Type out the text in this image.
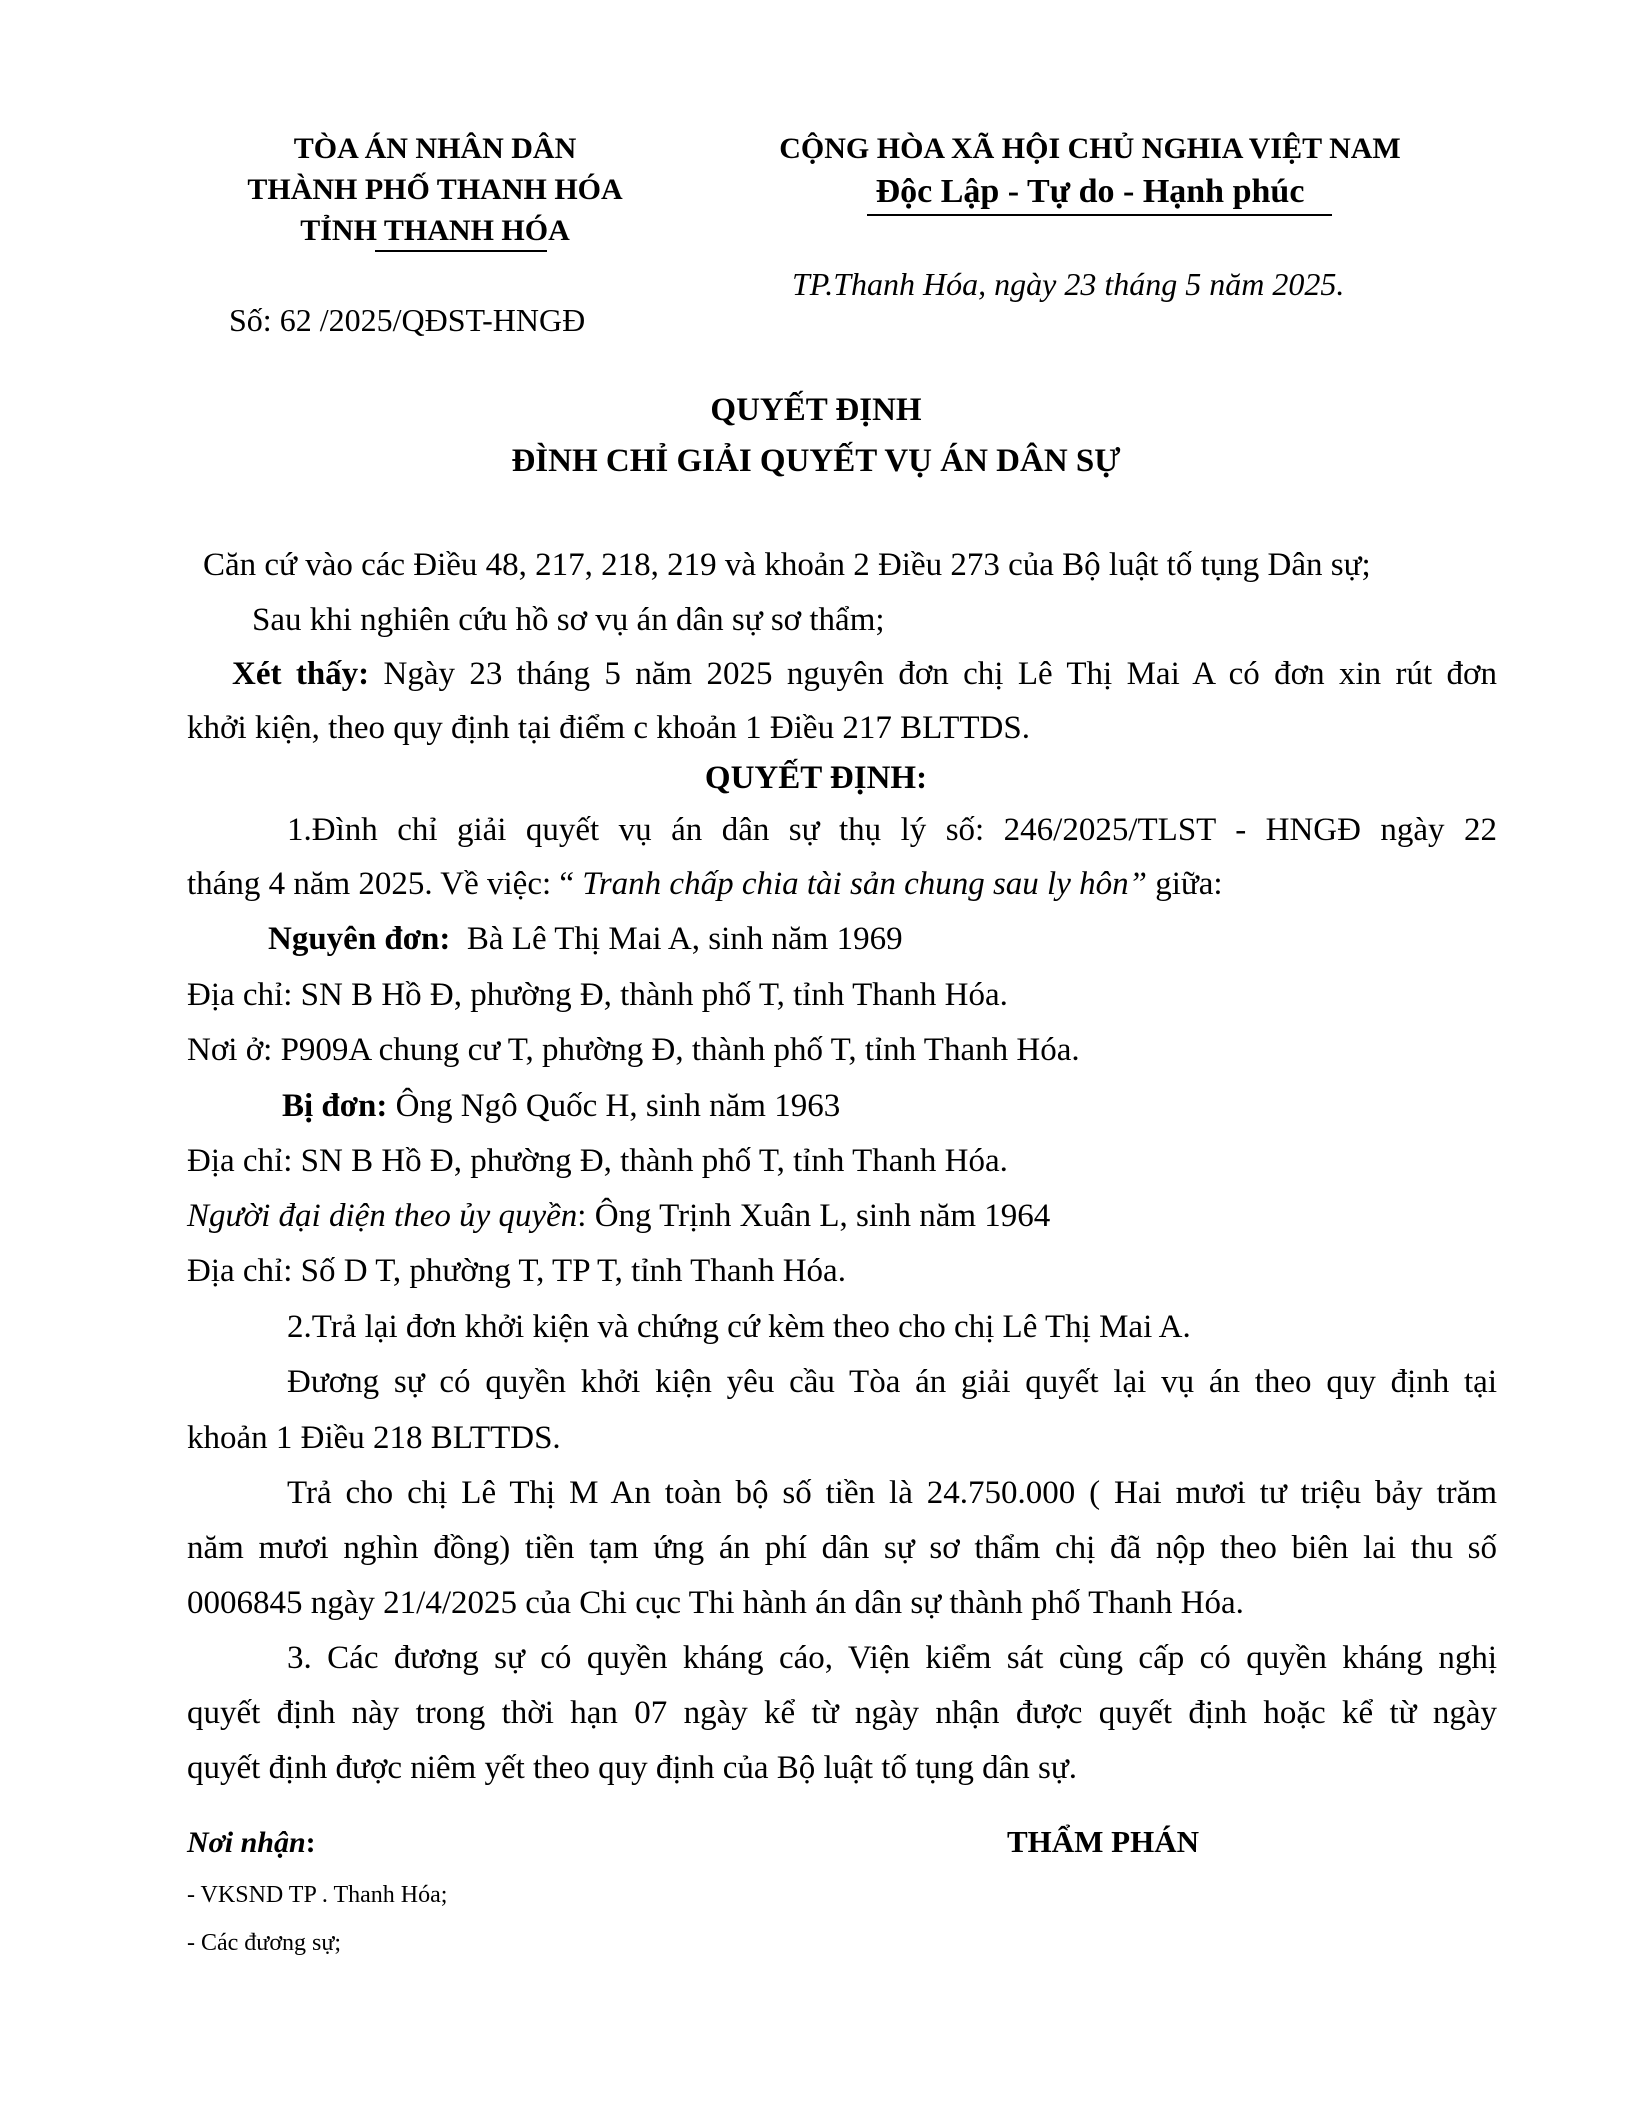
TÒA ÁN NHÂN DÂN
THÀNH PHỐ THANH HÓA
TỈNH THANH HÓA
CỘNG HÒA XÃ HỘI CHỦ NGHIA VIỆT NAM
Độc Lập - Tự do - Hạnh phúc
Số: 62 /2025/QĐST-HNGĐ
TP.Thanh Hóa, ngày 23 tháng 5 năm 2025.
QUYẾT ĐỊNH
ĐÌNH CHỈ GIẢI QUYẾT VỤ ÁN DÂN SỰ
Căn cứ vào các Điều 48, 217, 218, 219 và khoản 2 Điều 273 của Bộ luật tố tụng Dân sự;
Sau khi nghiên cứu hồ sơ vụ án dân sự sơ thẩm;
Xét thấy: Ngày 23 tháng 5 năm 2025 nguyên đơn chị Lê Thị Mai A có đơn xin rút đơn
khởi kiện, theo quy định tại điểm c khoản 1 Điều 217 BLTTDS.
QUYẾT ĐỊNH:
1.Đình chỉ giải quyết vụ án dân sự thụ lý số: 246/2025/TLST - HNGĐ ngày 22
tháng 4 năm 2025. Về việc: “ Tranh chấp chia tài sản chung sau ly hôn” giữa:
Nguyên đơn:  Bà Lê Thị Mai A, sinh năm 1969
Địa chỉ: SN B Hồ Đ, phường Đ, thành phố T, tỉnh Thanh Hóa.
Nơi ở: P909A chung cư T, phường Đ, thành phố T, tỉnh Thanh Hóa.
Bị đơn: Ông Ngô Quốc H, sinh năm 1963
Địa chỉ: SN B Hồ Đ, phường Đ, thành phố T, tỉnh Thanh Hóa.
Người đại diện theo ủy quyền: Ông Trịnh Xuân L, sinh năm 1964
Địa chỉ: Số D T, phường T, TP T, tỉnh Thanh Hóa.
2.Trả lại đơn khởi kiện và chứng cứ kèm theo cho chị Lê Thị Mai A.
Đương sự có quyền khởi kiện yêu cầu Tòa án giải quyết lại vụ án theo quy định tại
khoản 1 Điều 218 BLTTDS.
Trả cho chị Lê Thị M An toàn bộ số tiền là 24.750.000 ( Hai mươi tư triệu bảy trăm
năm mươi nghìn đồng) tiền tạm ứng án phí dân sự sơ thẩm chị đã nộp theo biên lai thu số
0006845 ngày 21/4/2025 của Chi cục Thi hành án dân sự thành phố Thanh Hóa.
3. Các đương sự có quyền kháng cáo, Viện kiểm sát cùng cấp có quyền kháng nghị
quyết định này trong thời hạn 07 ngày kể từ ngày nhận được quyết định hoặc kể từ ngày
quyết định được niêm yết theo quy định của Bộ luật tố tụng dân sự.
Nơi nhận:	THẨM PHÁN
- VKSND TP . Thanh Hóa;
- Các đương sự;
